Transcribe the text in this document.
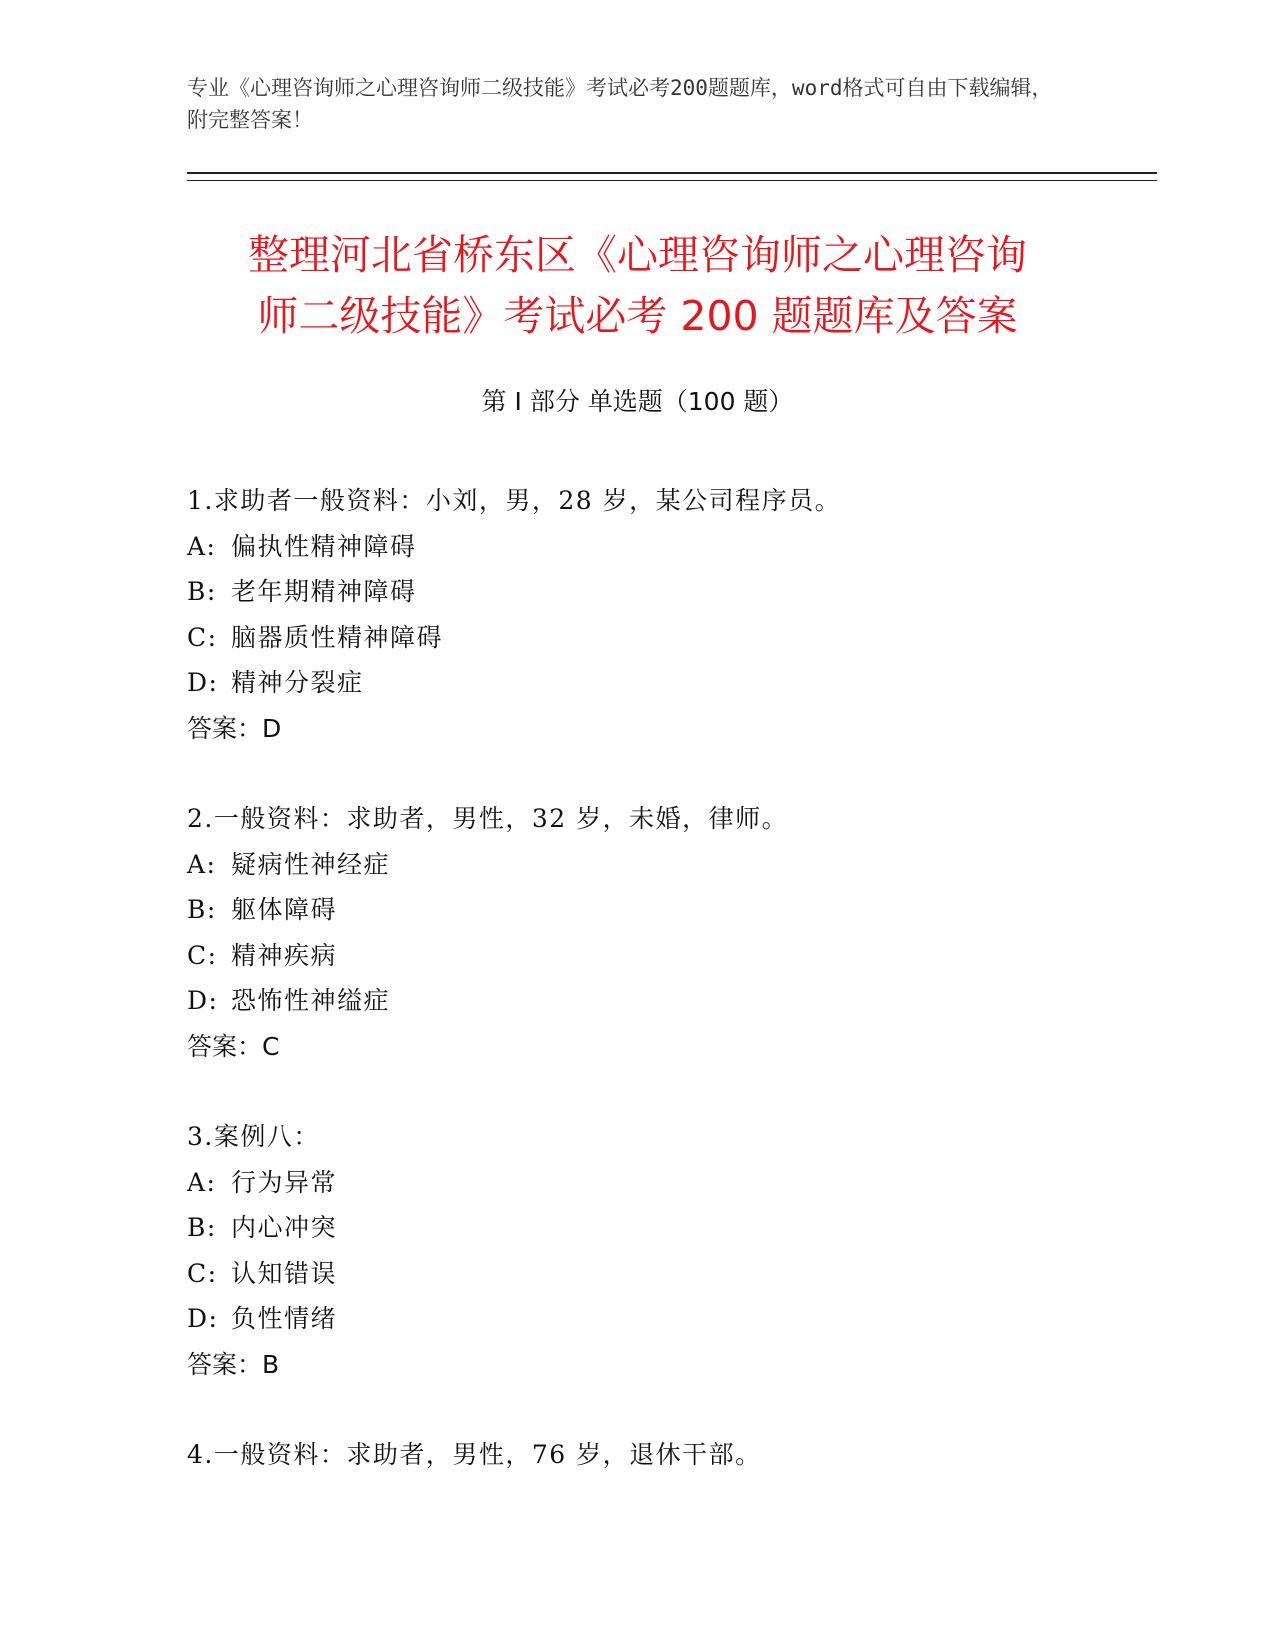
专业《心理咨询师之心理咨询师二级技能》考试必考200题题库，word格式可自由下载编辑，附完整答案！
整理河北省桥东区《心理咨询师之心理咨询
师二级技能》考试必考 200 题题库及答案
第 I 部分 单选题（100 题）
1.求助者一般资料：小刘，男，28 岁，某公司程序员。
A: 偏执性精神障碍
B: 老年期精神障碍
C: 脑器质性精神障碍
D: 精神分裂症
答案：D
2.一般资料：求助者，男性，32 岁，未婚，律师。
A: 疑病性神经症
B: 躯体障碍
C: 精神疾病
D: 恐怖性神缢症
答案：C
3.案例八：
A: 行为异常
B: 内心冲突
C: 认知错误
D: 负性情绪
答案：B
4.一般资料：求助者，男性，76 岁，退休干部。
